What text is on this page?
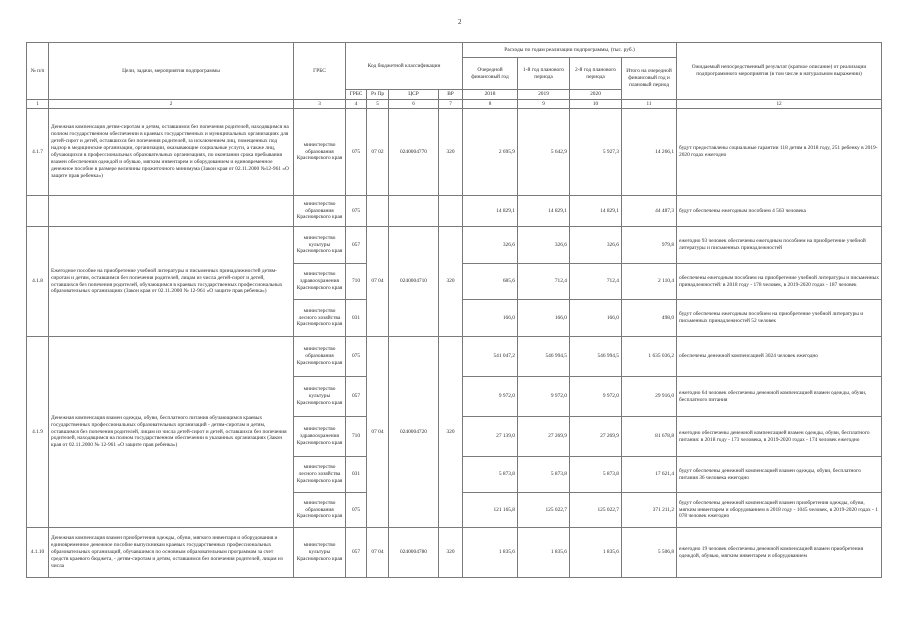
2
№ п/п	Цели, задачи, мероприятия подпрограммы	ГРБС	Код бюджетной классификации				Расходы по годам реализации подпрограммы, (тыс. руб.)				Ожидаемый непосредственный результат (краткое описание) от реализации подпрограммного мероприятия (в том числе в натуральном выражении)
							Очередной финансовый год	1-й год планового периода	2-й год планового периода	Итого на очередной финансовый год и плановый период	
			ГРБС	Рз Пр	ЦСР	ВР	2018	2019	2020		
1	2	3	4	5	6	7	8	9	10	11	12
4.1.7	Денежная компенсация детям-сиротам и детям, оставшимся без попечения родителей, находящимся на полном государственном обеспечении в краевых государственных и муниципальных организациях для детей-сирот и детей, оставшихся без попечения родителей, за исключением лиц, помещенных под надзор в медицинские организации, организации, оказывающие социальные услуги, а также лиц, обучающихся в профессиональных образовательных организациях, по окончании срока пребывания взамен обеспечения одеждой и обувью, мягким инвентарем и оборудованием и единовременное денежное пособие в размере величины прожиточного минимума (Закон края от 02.11.2000 №12-961 «О защите прав ребенка»)	министерство образования Красноярского края	075	07 02	0240004770	320	2 695,9	5 642,9	5 927,3	14 266,1	будут предоставлены социальные гарантии 118 детям в 2018 году, 251 ребенку в 2019-2020 годах ежегодно
		министерство образования Красноярского края	075				14 829,1	14 829,1	14 829,1	44 487,3	будут обеспечены ежегодным пособием 4 563 человека
4.1.8	Ежегодное пособие на приобретение учебной литературы и письменных принадлежностей детям-сиротам и детям, оставшимся без попечения родителей, лицам из числа детей-сирот и детей, оставшихся без попечения родителей, обучающимся в краевых государственных профессиональных образовательных организациях (Закон края от 02.11.2000 № 12-961 «О защите прав ребенка»)	министерство культуры Красноярского края	057	07 04	0240004710	320	326,6	326,6	326,6	979,8	ежегодно 93 человек обеспечены ежегодным пособием на приобретение учебной литературы и письменных принадлежностей
		министерство здравоохранения Красноярского края	710				685,6	712,4	712,4	2 110,4	обеспечены ежегодным пособием на приобретение учебной литературы и письменных принадлежностей: в 2018 году - 178 человек, в 2019-2020 годах - 187 человек
		министерство лесного хозяйства Красноярского края	031				166,0	166,0	166,0	498,0	будут обеспечены ежегодным пособием на приобретение учебной литературы и письменных принадлежностей 52 человек
4.1.9	Денежная компенсация взамен одежды, обуви, бесплатного питания обучающимся краевых государственных профессиональных образовательных организаций - детям-сиротам и детям, оставшимся без попечения родителей, лицам из числа детей-сирот и детей, оставшихся без попечения родителей, находящимся на полном государственном обеспечении в указанных организациях (Закон края от 02.11.2000 № 12-961 «О защите прав ребенка»)	министерство образования Красноярского края	075	07 04	0240004720	320	541 047,2	546 994,5	546 994,5	1 635 036,2	обеспечены денежной компенсацией 3024 человек ежегодно
		министерство культуры Красноярского края	057				9 972,0	9 972,0	9 972,0	29 916,0	ежегодно 64 человек обеспечены денежной компенсацией взамен одежды, обуви, бесплатного питания
		министерство здравоохранения Красноярского края	710				27 139,0	27 269,9	27 269,9	81 678,8	ежегодно обеспечены денежной компенсацией взамен одежды, обуви, бесплатного питания: в 2018 году - 173 человека, в 2019-2020 годах - 174 человек ежегодно
		министерство лесного хозяйства Красноярского края	031				5 873,8	5 873,8	5 873,8	17 621,4	будут обеспечены денежной компенсацией взамен одежды, обуви, бесплатного питания 36 человека ежегодно
		министерство образования Красноярского края	075				121 165,8	125 022,7	125 022,7	371 211,2	будут обеспечены денежной компенсацией взамен приобретения одежды, обуви, мягким инвентарем и оборудованием в 2018 году - 1045 человек, в 2019-2020 годах - 1 078 человек ежегодно
4.1.10	Денежная компенсация взамен приобретения одежды, обуви, мягкого инвентаря и оборудования и единовременное денежное пособие выпускникам краевых государственных профессиональных образовательных организаций, обучавшимся по основным образовательным программам за счет средств краевого бюджета, - детям-сиротам и детям, оставшимся без попечения родителей, лицам из числа	министерство культуры Красноярского края	057	07 04	0240004780	320	1 835,6	1 835,6	1 835,6	5 506,8	ежегодно 19 человек обеспечены денежной компенсацией взамен приобретения одеждой, обувью, мягким инвентарем и оборудованием
